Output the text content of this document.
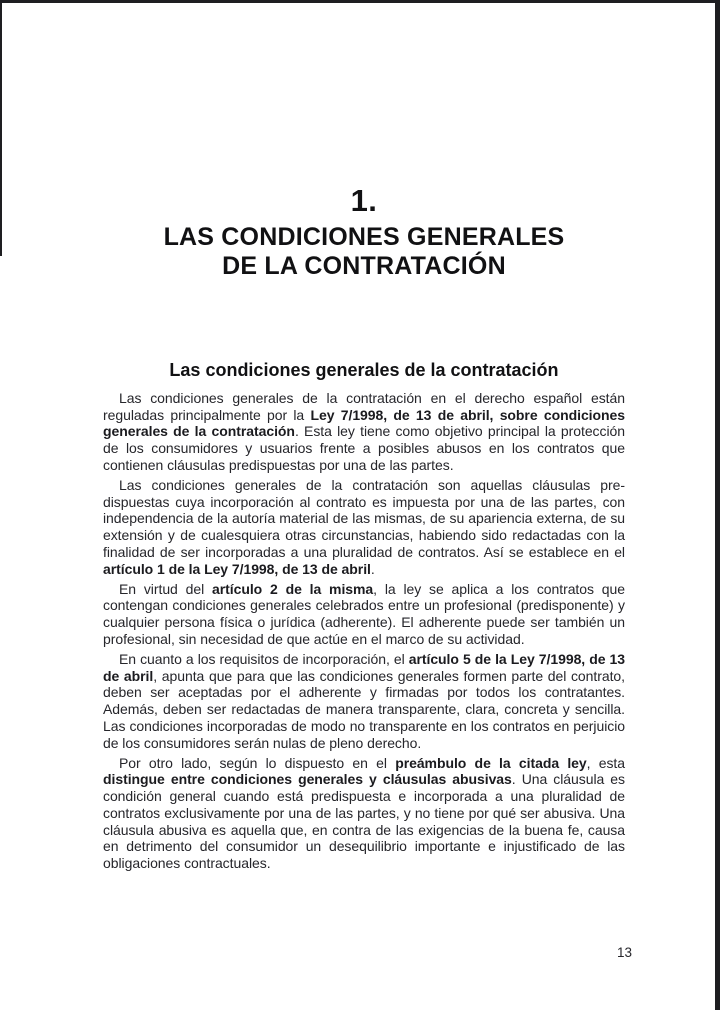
1.
LAS CONDICIONES GENERALES
DE LA CONTRATACIÓN
Las condiciones generales de la contratación

Las condiciones generales de la contratación en el derecho español están reguladas principalmente por la Ley 7/1998, de 13 de abril, sobre condiciones generales de la contratación. Esta ley tiene como objetivo principal la protección de los consumidores y usuarios frente a posibles abusos en los contratos que contienen cláusulas predispuestas por una de las partes.

Las condiciones generales de la contratación son aquellas cláusulas predispuestas cuya incorporación al contrato es impuesta por una de las partes, con independencia de la autoría material de las mismas, de su apariencia externa, de su extensión y de cualesquiera otras circunstancias, habiendo sido redactadas con la finalidad de ser incorporadas a una pluralidad de contratos. Así se establece en el artículo 1 de la Ley 7/1998, de 13 de abril.

En virtud del artículo 2 de la misma, la ley se aplica a los contratos que contengan condiciones generales celebrados entre un profesional (predisponente) y cualquier persona física o jurídica (adherente). El adherente puede ser también un profesional, sin necesidad de que actúe en el marco de su actividad.

En cuanto a los requisitos de incorporación, el artículo 5 de la Ley 7/1998, de 13 de abril, apunta que para que las condiciones generales formen parte del contrato, deben ser aceptadas por el adherente y firmadas por todos los contratantes. Además, deben ser redactadas de manera transparente, clara, concreta y sencilla. Las condiciones incorporadas de modo no transparente en los contratos en perjuicio de los consumidores serán nulas de pleno derecho.

Por otro lado, según lo dispuesto en el preámbulo de la citada ley, esta distingue entre condiciones generales y cláusulas abusivas. Una cláusula es condición general cuando está predispuesta e incorporada a una pluralidad de contratos exclusivamente por una de las partes, y no tiene por qué ser abusiva. Una cláusula abusiva es aquella que, en contra de las exigencias de la buena fe, causa en detrimento del consumidor un desequilibrio importante e injustificado de las obligaciones contractuales.

13
